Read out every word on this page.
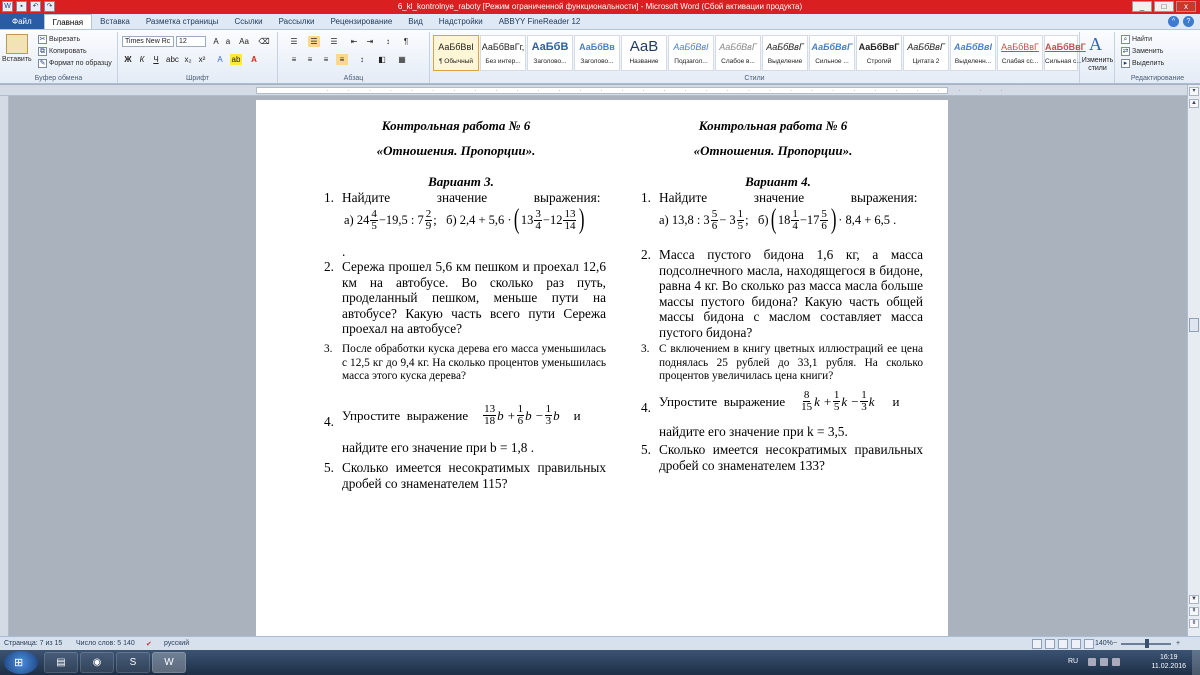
W	▪	↶	↷	6_kl_kontrolnye_raboty [Режим ограниченной функциональности] - Microsoft Word (Сбой активации продукта)	_	□	x
Файл	Главная	Вставка	Разметка страницы	Ссылки	Рассылки	Рецензирование	Вид	Надстройки	ABBYY FineReader 12	^	?
Вставить
✂ Вырезать
⧉ Копировать
✎ Формат по образцу
Буфер обмена
Times New Rc	12	A a	Аа ⌫
Ж	К	Ч abc x₂ x²	A	ab	A
Шрифт
☰	☰	☰	⇤	⇥	↕	¶
≡	≡	≡	≡	↕	◧ ▦
Абзац
АаБбВвІ
¶ Обычный
АаБбВвГг,
Без интер...
АаБбВ
Заголово...
АаБбВв
Заголово...
АаВ
Название
АаБбВвІ
Подзагол...
АаБбВвГ
Слабое в...
АаБбВвГ
Выделение
АаБбВвГ
Сильное ...
АаБбВвГ
Строгий
АаБбВвГ
Цитата 2
АаБбВвІ
Выделенн...
АаБбВвГ
Слабая сс...
АаБбВвГ
Сильная с...
Стили
A
Изменить стили
⌕ Найти
⇄ Заменить
▸ Выделить
Редактирование
· · · · · · · · · · · · · · · · · · · · · · · · · · · · · · · · ·
Контрольная работа № 6
«Отношения. Пропорции».
Вариант 3.
1. Найдите              значение              выражения:
а) $24 \frac{4}{5} -19,5$ : $7 \frac{2}{9}$ ;   б) 2,4 + 5,6 · ( $13 \frac{3}{4} -12 \frac{13}{14}$ )
.
2. Сережа прошел 5,6 км пешком и проехал 12,6 км на автобусе. Во сколько раз путь, проделанный пешком, меньше пути на автобусе? Какую часть всего пути Сережа проехал на автобусе?
3. После обработки куска дерева его масса уменьшилась с 12,5 кг до 9,4 кг. На сколько процентов уменьшилась масса этого куска дерева?
4. Упростите  выражение $\frac{13}{18}$ $b + \frac{1}{6}$ $b - \frac{1}{3}$ b и
найдите его значение при b = 1,8 .
5. Сколько имеется несократимых правильных дробей со знаменателем 115?
Контрольная работа № 6
«Отношения. Пропорции».
Вариант 4.
1. Найдите              значение              выражения:
а) 13,8 : $3 \frac{5}{6} - 3 \frac{1}{5}$ ;   б) ( $18 \frac{1}{4} -17 \frac{5}{6}$ ) · 8,4 + 6,5 .
2. Масса пустого бидона 1,6 кг, а масса подсолнечного масла, находящегося в бидоне, равна 4 кг. Во сколько раз масса масла больше массы пустого бидона? Какую часть общей массы бидона с маслом составляет масса пустого бидона?
3. С включением в книгу цветных иллюстраций ее цена поднялась 25 рублей до 33,1 рубля. На сколько процентов увеличилась цена книги?
4. Упростите  выражение $\frac{8}{15}$ $k + \frac{1}{5}$ $k - \frac{1}{3}$ k и
найдите его значение при k = 3,5.
5. Сколько имеется несократимых правильных дробей со знаменателем 133?
▾
▲
▼
⇞
⇟
Страница: 7 из 15 Число слов: 5 140 ✔ русский	140% −	+
⊞	▤	◉	S	W	RU
16:19
11.02.2016
